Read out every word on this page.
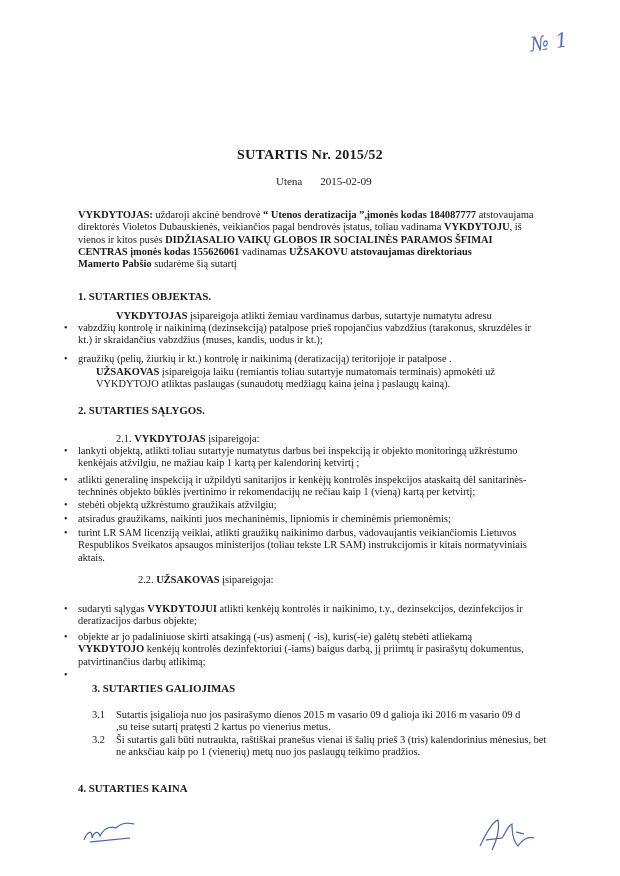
№ 1
SUTARTIS Nr. 2015/52
Utena 2015-02-09
VYKDYTOJAS: uždaroji akcinė bendrovė “ Utenos deratizacija ”,įmonės kodas 184087777 atstovaujama
direktorės Violetos Dubauskienės, veikiančios pagal bendrovės įstatus, toliau vadinama VYKDYTOJU, iš
vienos ir kitos pusės DIDŽIASALIO VAIKŲ GLOBOS IR SOCIALINĖS PARAMOS ŠFIMAI
CENTRAS įmonės kodas 155626061 vadinamas UŽSAKOVU atstovaujamas direktoriaus
Mamerto Pabšio sudarėme šią sutartį
1. SUTARTIES OBJEKTAS.
VYKDYTOJAS įsipareigoja atlikti žemiau vardinamus darbus, sutartyje numatytu adresu
• vabzdžių kontrolę ir naikinimą (dezinsekciją) patalpose prieš ropojančius vabzdžius (tarakonus, skruzdėles ir
kt.) ir skraidančius vabzdžius (muses, kandis, uodus ir kt.);
• graužikų (pelių, žiurkių ir kt.) kontrolę ir naikinimą (deratizaciją) teritorijoje ir patalpose .
UŽSAKOVAS įsipareigoja laiku (remiantis toliau sutartyje numatomais terminais) apmokėti už
VYKDYTOJO atliktas paslaugas (sunaudotų medžiagų kaina įeina į paslaugų kainą).
2. SUTARTIES SĄLYGOS.
2.1. VYKDYTOJAS įsipareigoja:
• lankyti objektą, atlikti toliau sutartyje numatytus darbus bei inspekciją ir objekto monitoringą užkrėstumo
kenkėjais atžvilgiu, ne mažiau kaip 1 kartą per kalendorinį ketvirtį ;
• atlikti generalinę inspekciją ir užpildyti sanitarijos ir kenkėjų kontrolės inspekcijos ataskaitą dėl sanitarinės-
techninės objekto būklės įvertinimo ir rekomendacijų ne rečiau kaip 1 (vieną) kartą per ketvirtį;
• stebėti objektą užkrėstumo graužikais atžvilgiu;
• atsiradus graužikams, naikinti juos mechaninėmis, lipniomis ir cheminėmis priemonėmis;
• turint LR SAM licenziją veiklai, atlikti graužikų naikinimo darbus, vadovaujantis veikiančiomis Lietuvos
Respublikos Sveikatos apsaugos ministerijos (toliau tekste LR SAM) instrukcijomis ir kitais normatyviniais
aktais.
2.2. UŽSAKOVAS įsipareigoja:
• sudaryti sąlygas VYKDYTOJUI atlikti kenkėjų kontrolės ir naikinimo, t.y., dezinsekcijos, dezinfekcijos ir
deratizacijos darbus objekte;
• objekte ar jo padaliniuose skirti atsakingą (-us) asmenį ( -is), kuris(-ie) galėtų stebėti atliekamą
VYKDYTOJO kenkėjų kontrolės dezinfektoriui (-iams) baigus darbą, jį priimtų ir pasirašytų dokumentus,
patvirtinančius darbų atlikimą;
•
3. SUTARTIES GALIOJIMAS
3.1 Sutartis įsigalioja nuo jos pasirašymo dienos 2015 m vasario 09 d galioja iki 2016 m vasario 09 d
,su teise sutartį pratęsti 2 kartus po vienerius metus.
3.2 Ši sutartis gali būti nutraukta, raštiškai pranešus vienai iš šalių prieš 3 (tris) kalendorinius mėnesius, bet
ne anksčiau kaip po 1 (vienerių) metų nuo jos paslaugų teikimo pradžios.
4. SUTARTIES KAINA
